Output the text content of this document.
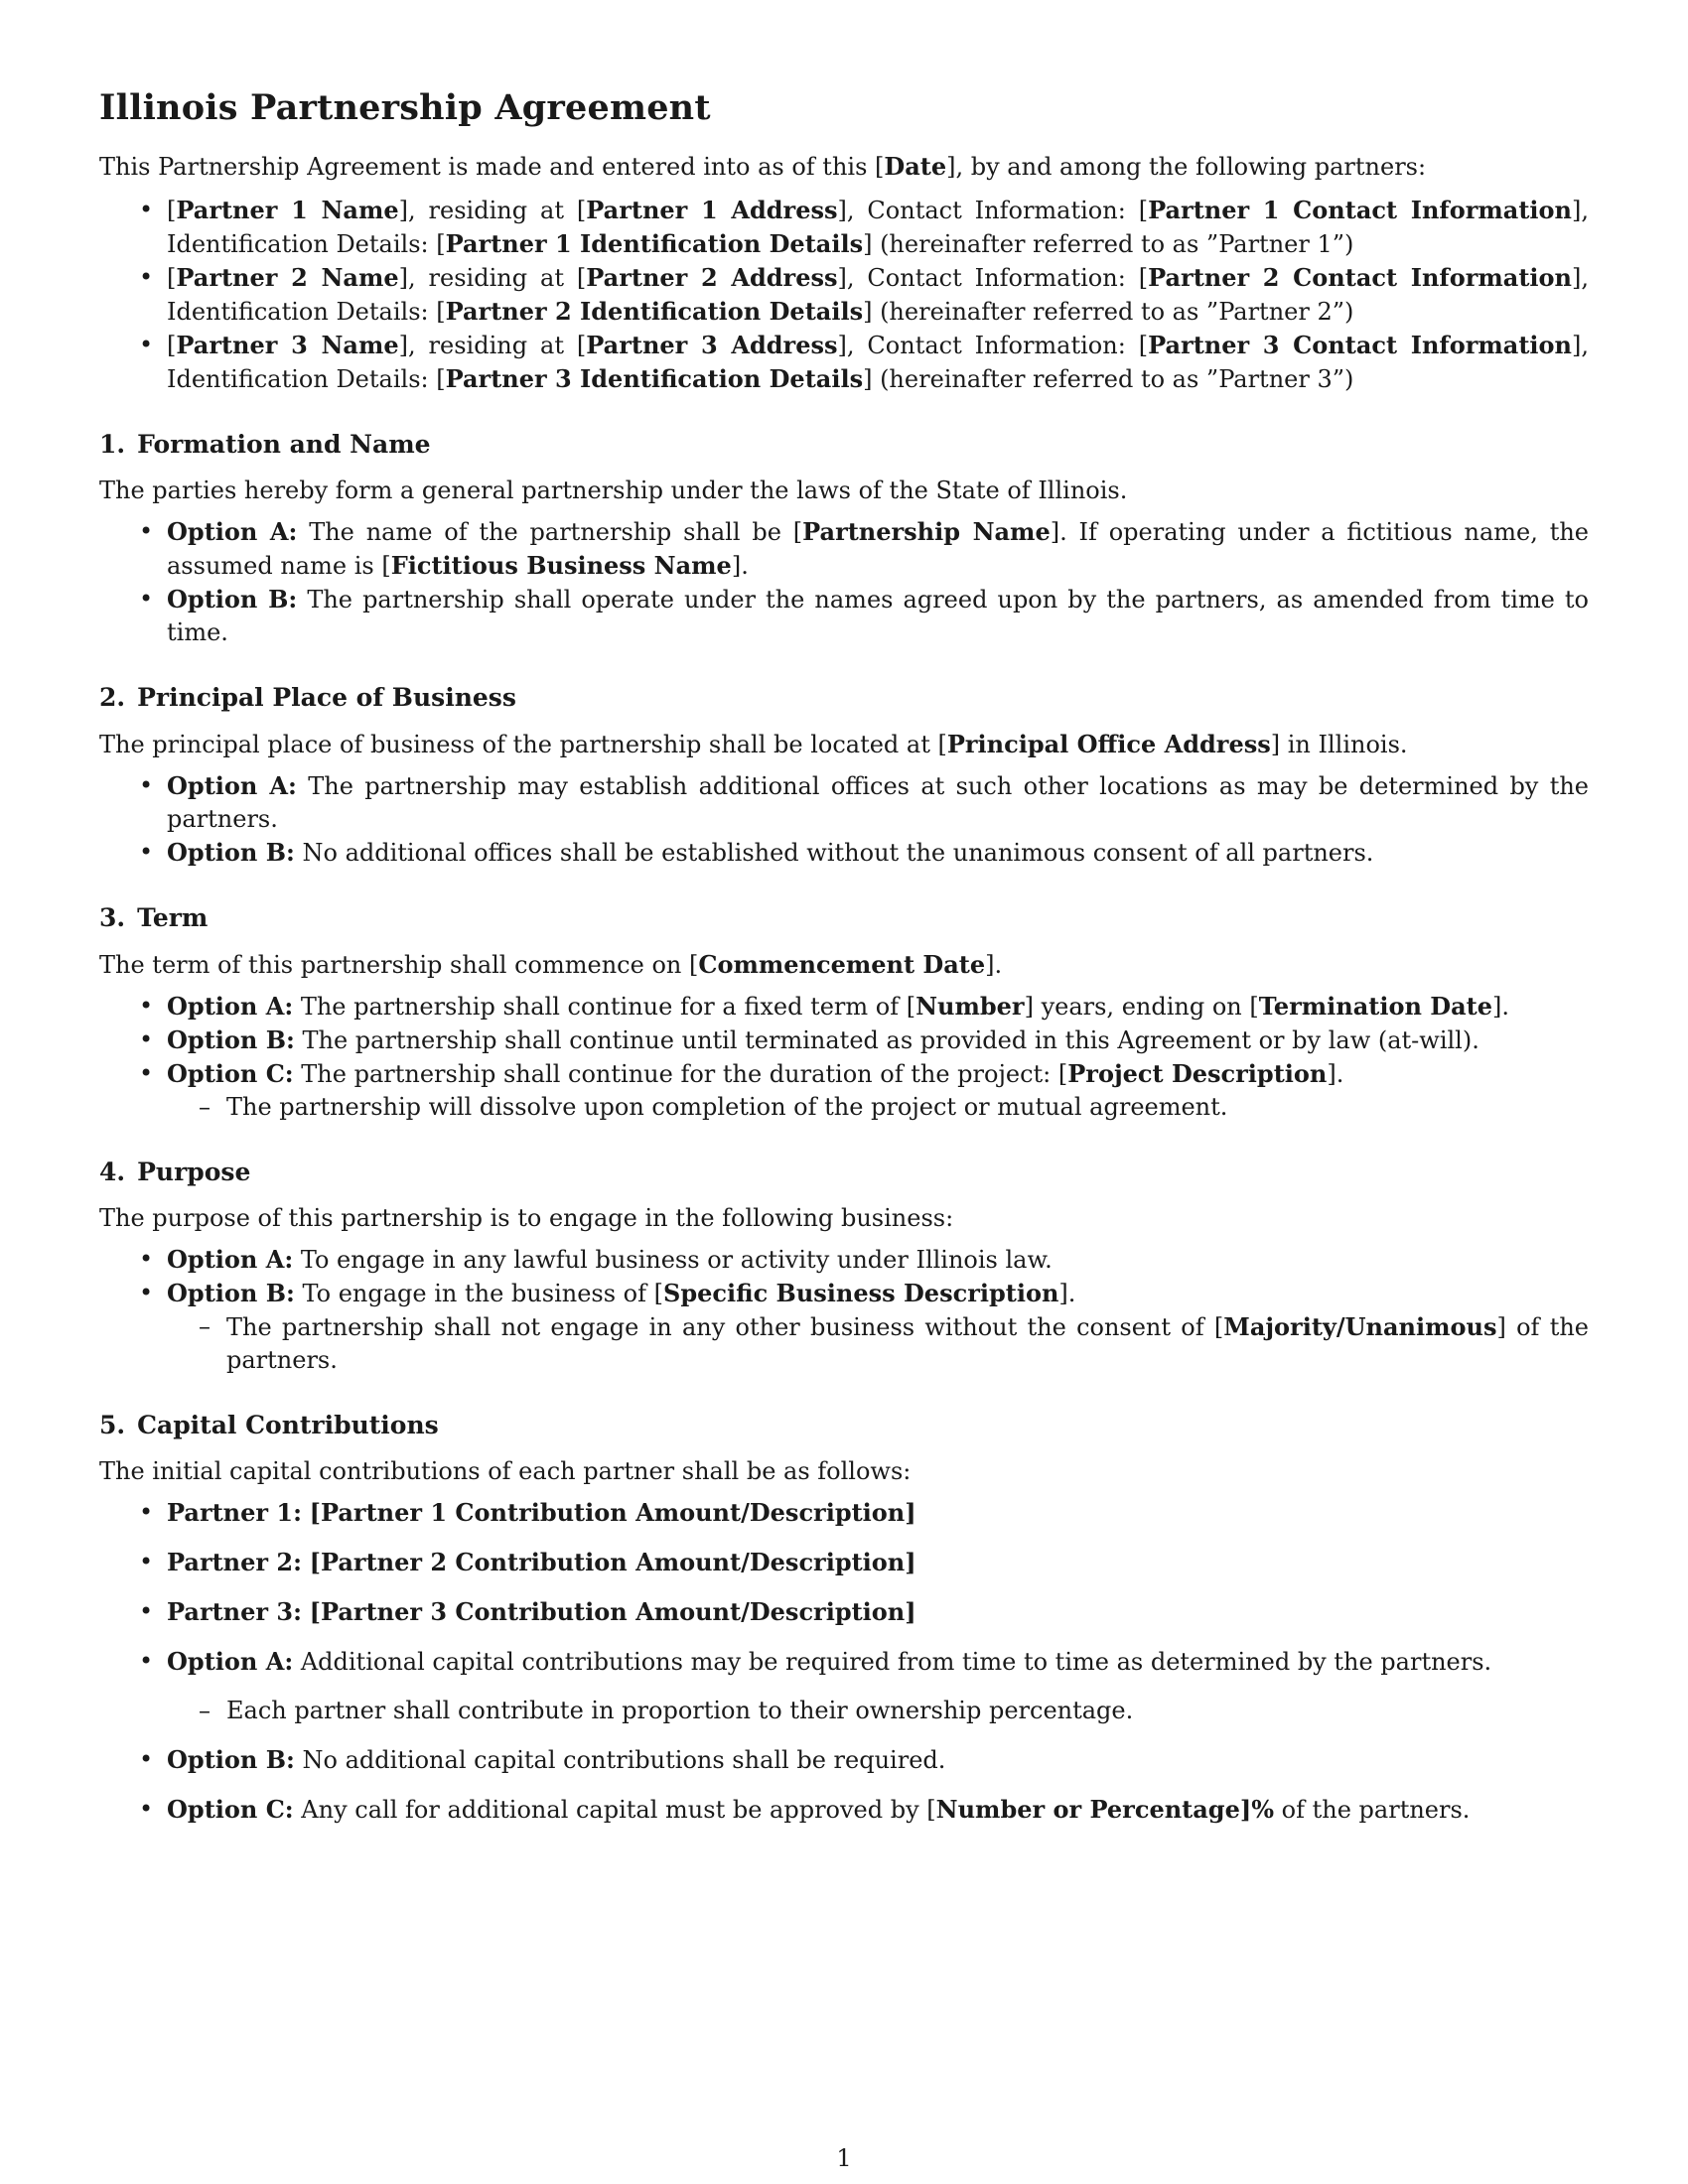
Illinois Partnership Agreement

This Partnership Agreement is made and entered into as of this [Date], by and among the following partners:

• [Partner 1 Name], residing at [Partner 1 Address], Contact Information: [Partner 1 Contact Information], Identification Details: [Partner 1 Identification Details] (hereinafter referred to as ”Partner 1”)
• [Partner 2 Name], residing at [Partner 2 Address], Contact Information: [Partner 2 Contact Information], Identification Details: [Partner 2 Identification Details] (hereinafter referred to as ”Partner 2”)
• [Partner 3 Name], residing at [Partner 3 Address], Contact Information: [Partner 3 Contact Information], Identification Details: [Partner 3 Identification Details] (hereinafter referred to as ”Partner 3”)
1. Formation and Name

The parties hereby form a general partnership under the laws of the State of Illinois.

• Option A: The name of the partnership shall be [Partnership Name]. If operating under a fictitious name, the assumed name is [Fictitious Business Name].
• Option B: The partnership shall operate under the names agreed upon by the partners, as amended from time to time.
2. Principal Place of Business

The principal place of business of the partnership shall be located at [Principal Office Address] in Illinois.

• Option A: The partnership may establish additional offices at such other locations as may be determined by the partners.
• Option B: No additional offices shall be established without the unanimous consent of all partners.
3. Term

The term of this partnership shall commence on [Commencement Date].

• Option A: The partnership shall continue for a fixed term of [Number] years, ending on [Termination Date].
• Option B: The partnership shall continue until terminated as provided in this Agreement or by law (at-will).
• Option C: The partnership shall continue for the duration of the project: [Project Description].
– The partnership will dissolve upon completion of the project or mutual agreement.
4. Purpose

The purpose of this partnership is to engage in the following business:

• Option A: To engage in any lawful business or activity under Illinois law.
• Option B: To engage in the business of [Specific Business Description].
– The partnership shall not engage in any other business without the consent of [Majority/Unanimous] of the partners.
5. Capital Contributions

The initial capital contributions of each partner shall be as follows:

• Partner 1: [Partner 1 Contribution Amount/Description]
• Partner 2: [Partner 2 Contribution Amount/Description]
• Partner 3: [Partner 3 Contribution Amount/Description]
• Option A: Additional capital contributions may be required from time to time as determined by the partners.
– Each partner shall contribute in proportion to their ownership percentage.
• Option B: No additional capital contributions shall be required.
• Option C: Any call for additional capital must be approved by [Number or Percentage]% of the partners.
1
